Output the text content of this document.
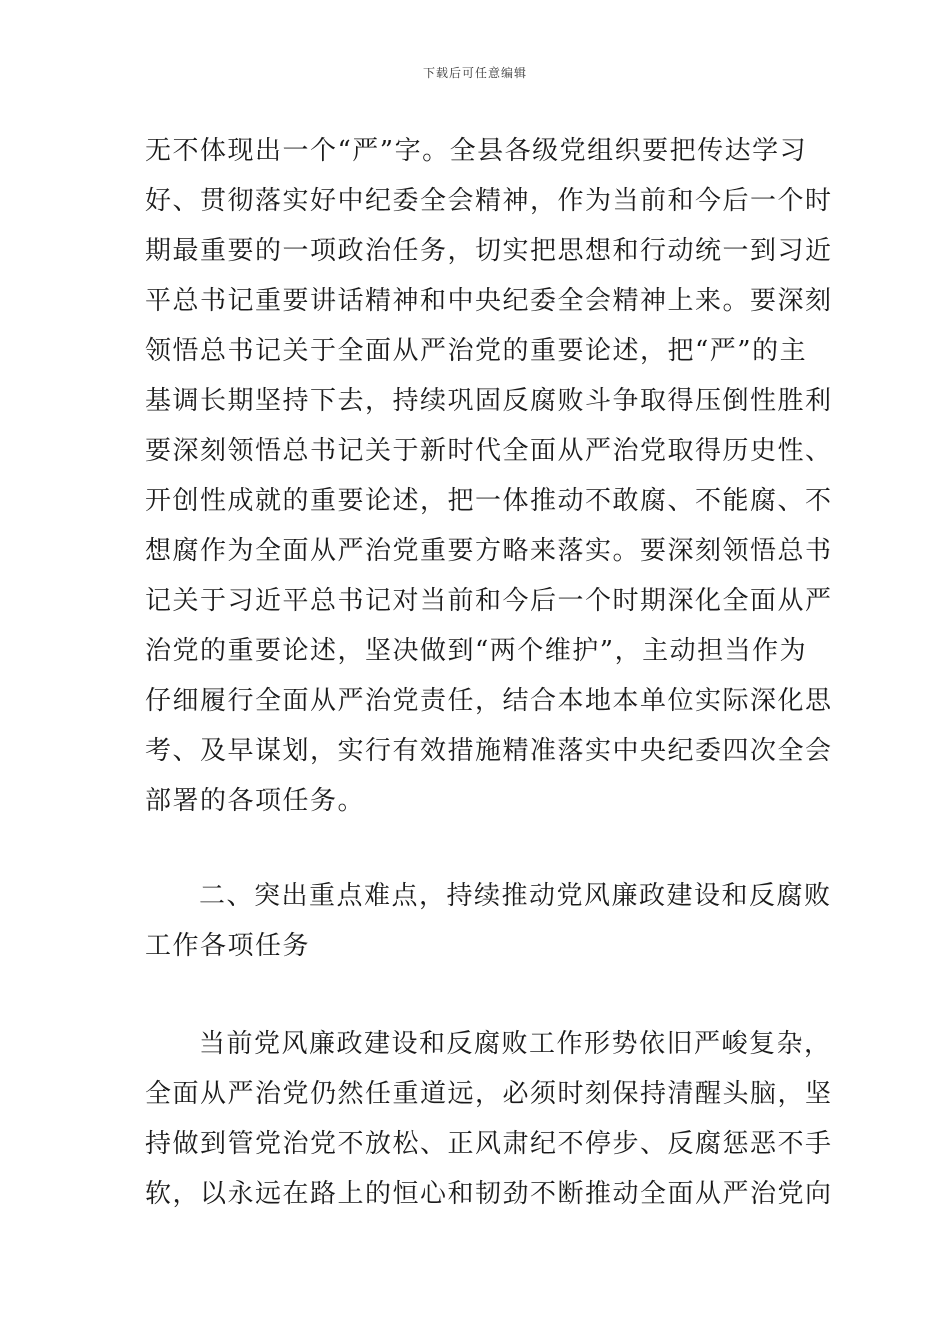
下载后可任意编辑
无不体现出一个“严”字。全县各级党组织要把传达学习
好、贯彻落实好中纪委全会精神，作为当前和今后一个时
期最重要的一项政治任务，切实把思想和行动统一到习近
平总书记重要讲话精神和中央纪委全会精神上来。要深刻
领悟总书记关于全面从严治党的重要论述，把“严”的主
基调长期坚持下去，持续巩固反腐败斗争取得压倒性胜利
要深刻领悟总书记关于新时代全面从严治党取得历史性、
开创性成就的重要论述，把一体推动不敢腐、不能腐、不
想腐作为全面从严治党重要方略来落实。要深刻领悟总书
记关于习近平总书记对当前和今后一个时期深化全面从严
治党的重要论述，坚决做到“两个维护”，主动担当作为
仔细履行全面从严治党责任，结合本地本单位实际深化思
考、及早谋划，实行有效措施精准落实中央纪委四次全会
部署的各项任务。
二、突出重点难点，持续推动党风廉政建设和反腐败
工作各项任务
当前党风廉政建设和反腐败工作形势依旧严峻复杂，
全面从严治党仍然任重道远，必须时刻保持清醒头脑，坚
持做到管党治党不放松、正风肃纪不停步、反腐惩恶不手
软，以永远在路上的恒心和韧劲不断推动全面从严治党向
